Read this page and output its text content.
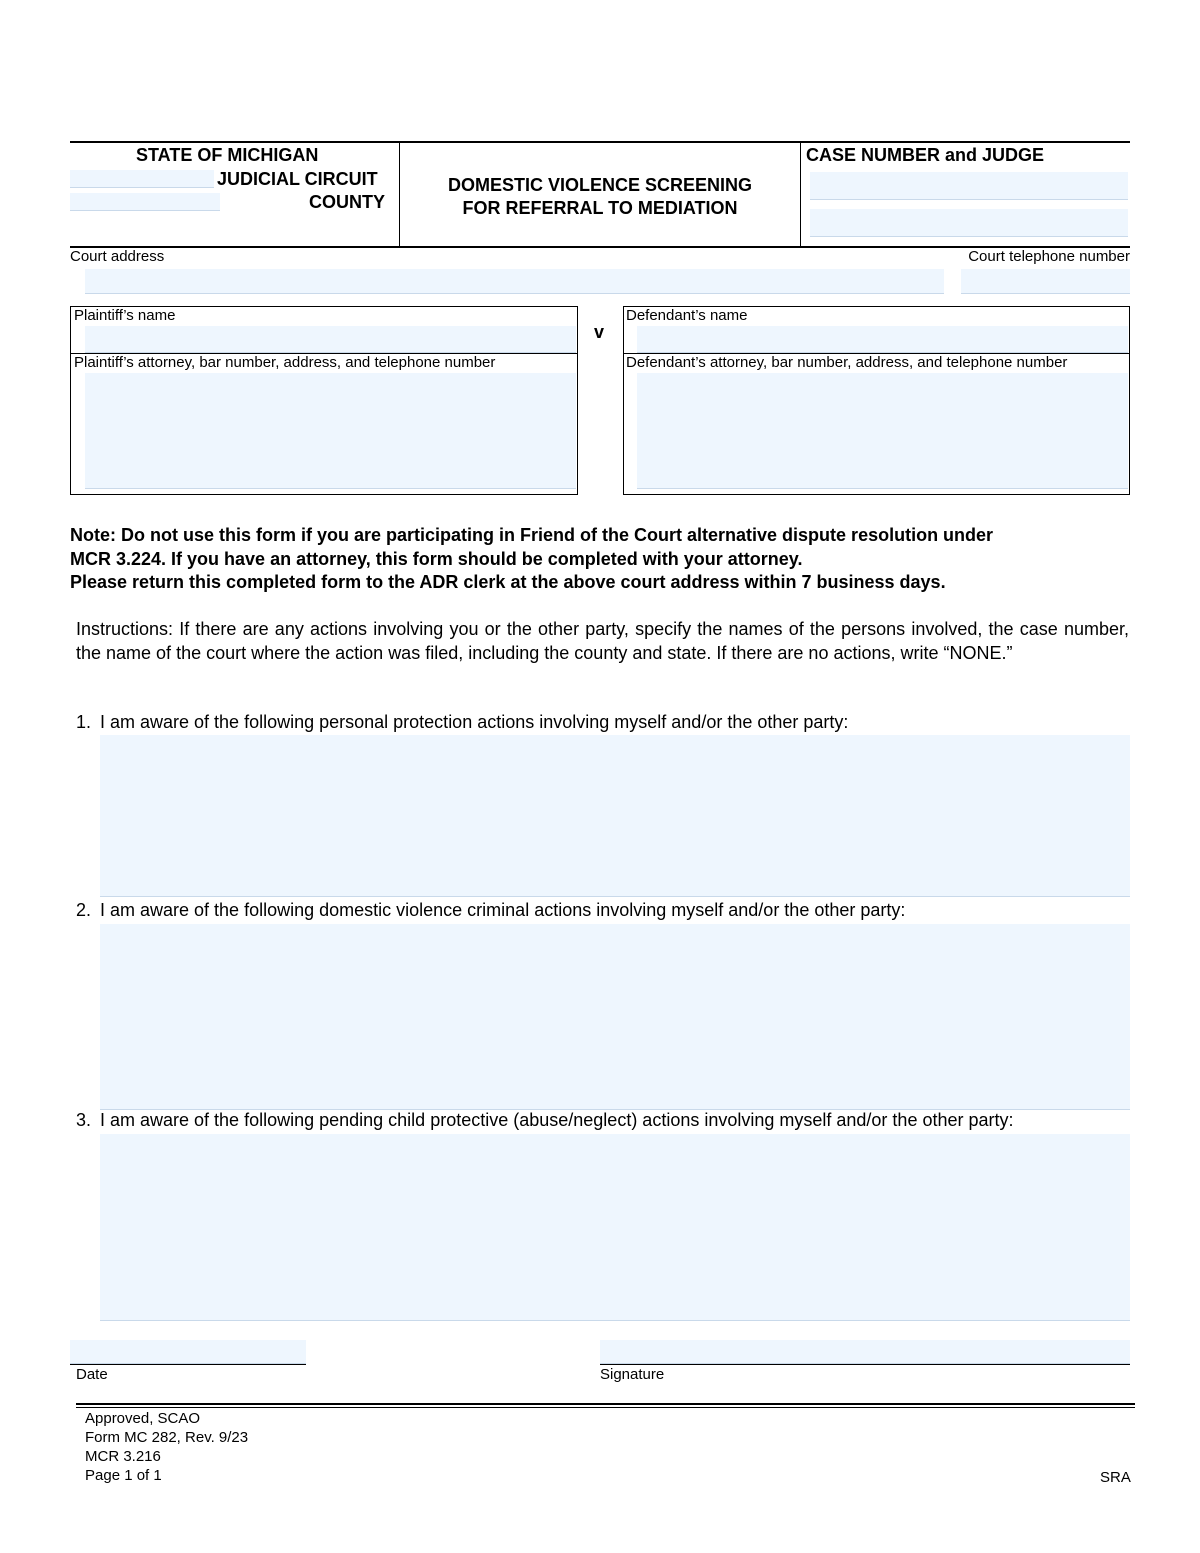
STATE OF MICHIGAN
JUDICIAL CIRCUIT
COUNTY
DOMESTIC VIOLENCE SCREENING
FOR REFERRAL TO MEDIATION
CASE NUMBER and JUDGE
Court address	Court telephone number
Plaintiff’s name
Plaintiff’s attorney, bar number, address, and telephone number
v
Defendant’s name
Defendant’s attorney, bar number, address, and telephone number
Note: Do not use this form if you are participating in Friend of the Court alternative dispute resolution under
MCR 3.224. If you have an attorney, this form should be completed with your attorney.
Please return this completed form to the ADR clerk at the above court address within 7 business days.
Instructions: If there are any actions involving you or the other party, specify the names of the persons involved, the case number, the name of the court where the action was filed, including the county and state. If there are no actions, write “NONE.”
1. I am aware of the following personal protection actions involving myself and/or the other party:
2. I am aware of the following domestic violence criminal actions involving myself and/or the other party:
3. I am aware of the following pending child protective (abuse/neglect) actions involving myself and/or the other party:
Date	Signature
Approved, SCAO
Form MC 282, Rev. 9/23
MCR 3.216
Page 1 of 1	SRA
